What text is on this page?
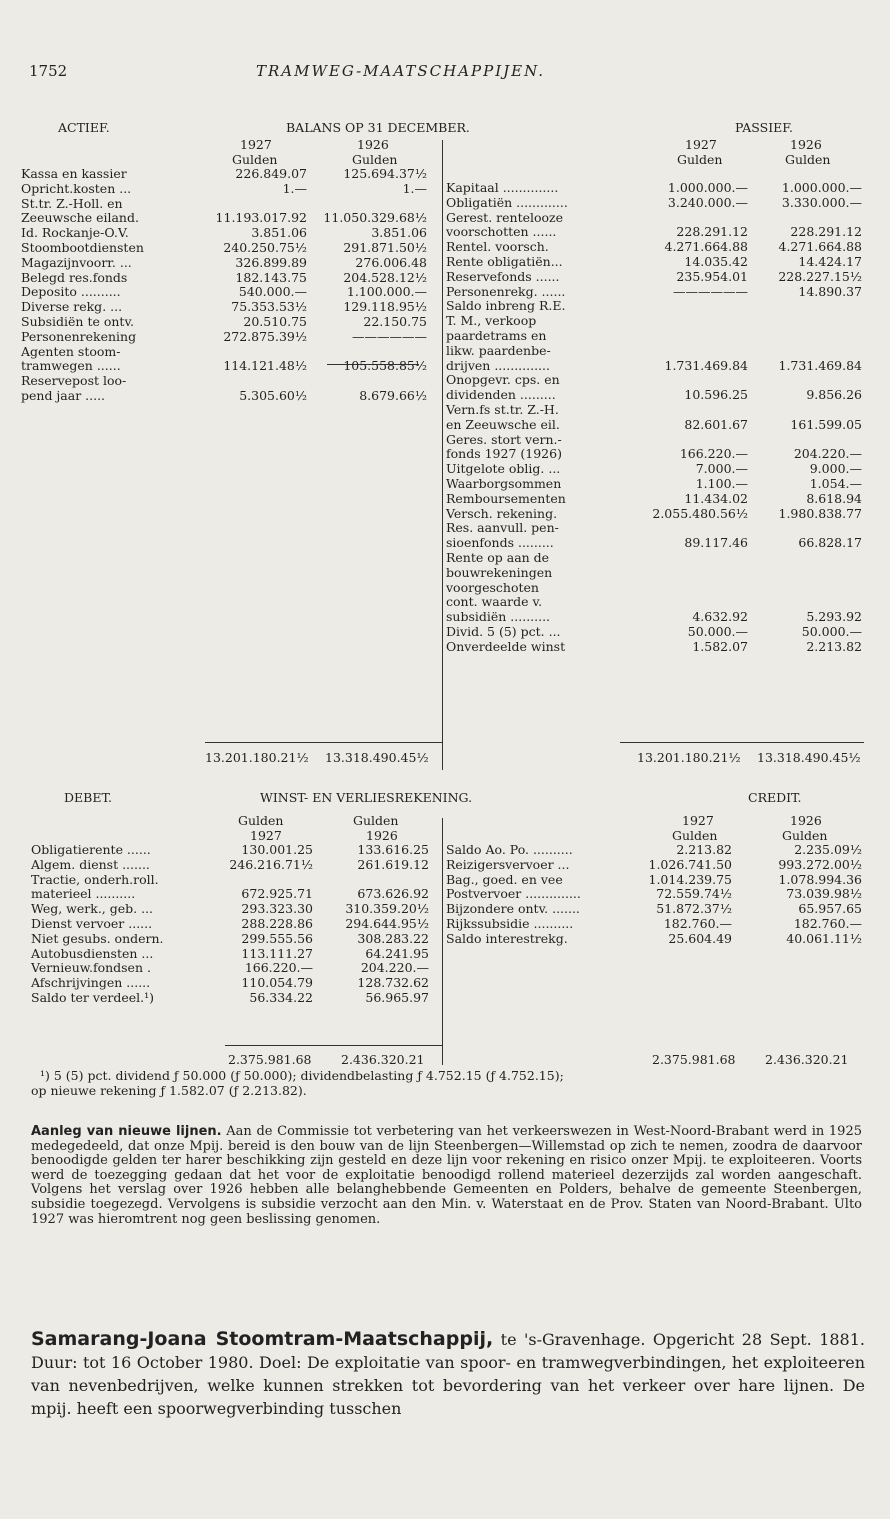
1752	TRAMWEG-MAATSCHAPPIJEN.
ACTIEF.	BALANS OP 31 DECEMBER.	PASSIEF.
1927	1926
Gulden	Gulden
1927	1926
Gulden	Gulden
Kassa en kassier	226.849.07	125.694.37½
Opricht.kosten ...	1.—	1.—
St.tr. Z.-Holl. en
Zeeuwsche eiland.	11.193.017.92 11.050.329.68½
Id. Rockanje-O.V.	3.851.06	3.851.06
Stoombootdiensten	240.250.75½	291.871.50½
Magazijnvoorr. ...	326.899.89	276.006.48
Belegd res.fonds	182.143.75	204.528.12½
Deposito ..........	540.000.—	1.100.000.—
Diverse rekg. ...	75.353.53½	129.118.95½
Subsidiën te ontv.	20.510.75	22.150.75
Personenrekening	272.875.39½	——————
Agenten stoom-
tramwegen ......	114.121.48½	105.558.85½
Reservepost loo-
pend jaar .....	5.305.60½	8.679.66½
Kapitaal ..............	1.000.000.—	1.000.000.—
Obligatiën .............	3.240.000.—	3.330.000.—
Gerest. rentelooze
voorschotten ......	228.291.12	228.291.12
Rentel. voorsch.	4.271.664.88 4.271.664.88
Rente obligatiën...	14.035.42	14.424.17
Reservefonds ......	235.954.01 228.227.15½
Personenrekg. ......	——————	14.890.37
Saldo inbreng R.E.
T. M., verkoop
paardetrams en
likw. paardenbe-
drijven ..............	1.731.469.84 1.731.469.84
Onopgevr. cps. en
dividenden .........	10.596.25	9.856.26
Vern.fs st.tr. Z.-H.
en Zeeuwsche eil.	82.601.67	161.599.05
Geres. stort vern.-
fonds 1927 (1926)	166.220.—	204.220.—
Uitgelote oblig. ...	7.000.—	9.000.—
Waarborgsommen	1.100.—	1.054.—
Remboursementen	11.434.02	8.618.94
Versch. rekening.	2.055.480.56½ 1.980.838.77
Res. aanvull. pen-
sioenfonds .........	89.117.46	66.828.17
Rente op aan de
bouwrekeningen
voorgeschoten
cont. waarde v.
subsidiën ..........	4.632.92	5.293.92
Divid. 5 (5) pct. ...	50.000.—	50.000.—
Onverdeelde winst	1.582.07	2.213.82
13.201.180.21½ 13.318.490.45½	13.201.180.21½ 13.318.490.45½
DEBET.	WINST- EN VERLIESREKENING.	CREDIT.
Gulden	Gulden
1927	1926
1927	1926
Gulden	Gulden
Obligatierente ......	130.001.25	133.616.25
Algem. dienst .......	246.216.71½	261.619.12
Tractie, onderh.roll.
materieel ..........	672.925.71	673.626.92
Weg, werk., geb. ...	293.323.30	310.359.20½
Dienst vervoer ......	288.228.86	294.644.95½
Niet gesubs. ondern.	299.555.56	308.283.22
Autobusdiensten ...	113.111.27	64.241.95
Vernieuw.fondsen .	166.220.—	204.220.—
Afschrijvingen ......	110.054.79	128.732.62
Saldo ter verdeel.¹)	56.334.22	56.965.97
Saldo Ao. Po. ..........	2.213.82	2.235.09½
Reizigersvervoer ...	1.026.741.50	993.272.00½
Bag., goed. en vee	1.014.239.75	1.078.994.36
Postvervoer ..............	72.559.74½	73.039.98½
Bijzondere ontv. .......	51.872.37½	65.957.65
Rijkssubsidie ..........	182.760.—	182.760.—
Saldo interestrekg.	25.604.49	40.061.11½
2.375.981.68 2.436.320.21	2.375.981.68 2.436.320.21
¹) 5 (5) pct. dividend ƒ 50.000 (ƒ 50.000); dividendbelasting ƒ 4.752.15 (ƒ 4.752.15);
op nieuwe rekening ƒ 1.582.07 (ƒ 2.213.82).
Aanleg van nieuwe lijnen. Aan de Commissie tot verbetering van het verkeerswezen in West-Noord-Brabant werd in 1925 medegedeeld, dat onze Mpij. bereid is den bouw van de lijn Steenbergen—Willemstad op zich te nemen, zoodra de daarvoor benoodigde gelden ter harer beschikking zijn gesteld en deze lijn voor rekening en risico onzer Mpij. te exploiteeren. Voorts werd de toezegging gedaan dat het voor de exploitatie benoodigd rollend materieel dezerzijds zal worden aangeschaft. Volgens het verslag over 1926 hebben alle belanghebbende Gemeenten en Polders, behalve de gemeente Steenbergen, subsidie toegezegd. Vervolgens is subsidie verzocht aan den Min. v. Waterstaat en de Prov. Staten van Noord-Brabant. Ulto 1927 was hieromtrent nog geen beslissing genomen.
Samarang-Joana Stoomtram-Maatschappij, te 's-Gravenhage. Opgericht 28 Sept. 1881. Duur: tot 16 October 1980. Doel: De exploitatie van spoor- en tramwegverbindingen, het exploiteeren van nevenbedrijven, welke kunnen strekken tot bevordering van het verkeer over hare lijnen. De mpij. heeft een spoorwegverbinding tusschen
